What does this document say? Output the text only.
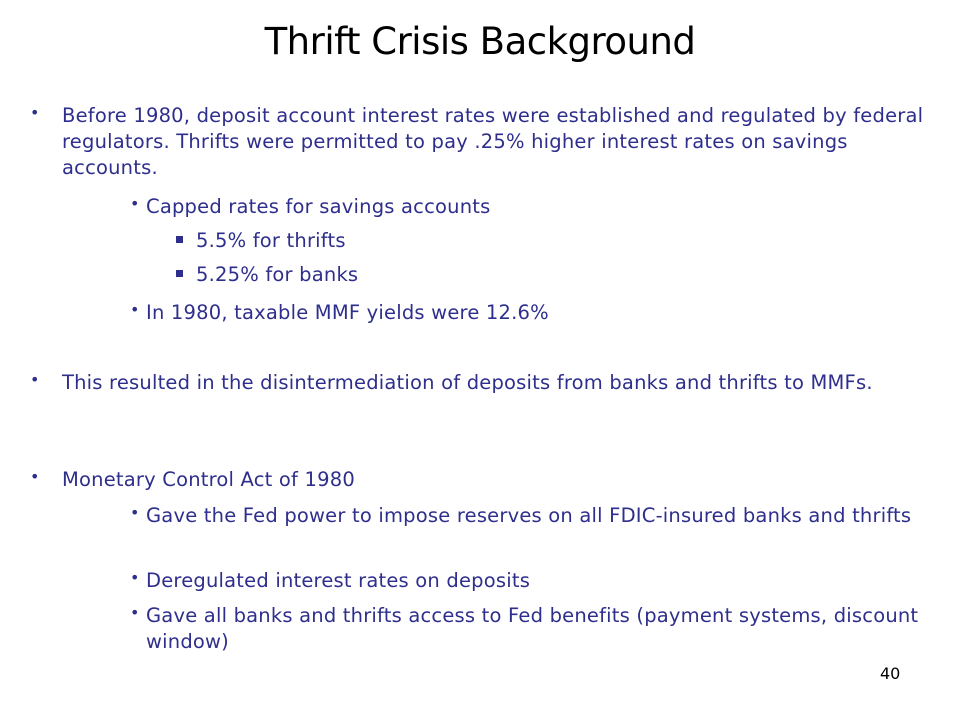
Thrift Crisis Background
• Before 1980, deposit account interest rates were established and regulated by federal regulators. Thrifts were permitted to pay .25% higher interest rates on savings accounts.
• Capped rates for savings accounts
5.5% for thrifts
5.25% for banks
• In 1980, taxable MMF yields were 12.6%
• This resulted in the disintermediation of deposits from banks and thrifts to MMFs.
• Monetary Control Act of 1980
• Gave the Fed power to impose reserves on all FDIC-insured banks and thrifts
• Deregulated interest rates on deposits
• Gave all banks and thrifts access to Fed benefits (payment systems, discount window)
40
